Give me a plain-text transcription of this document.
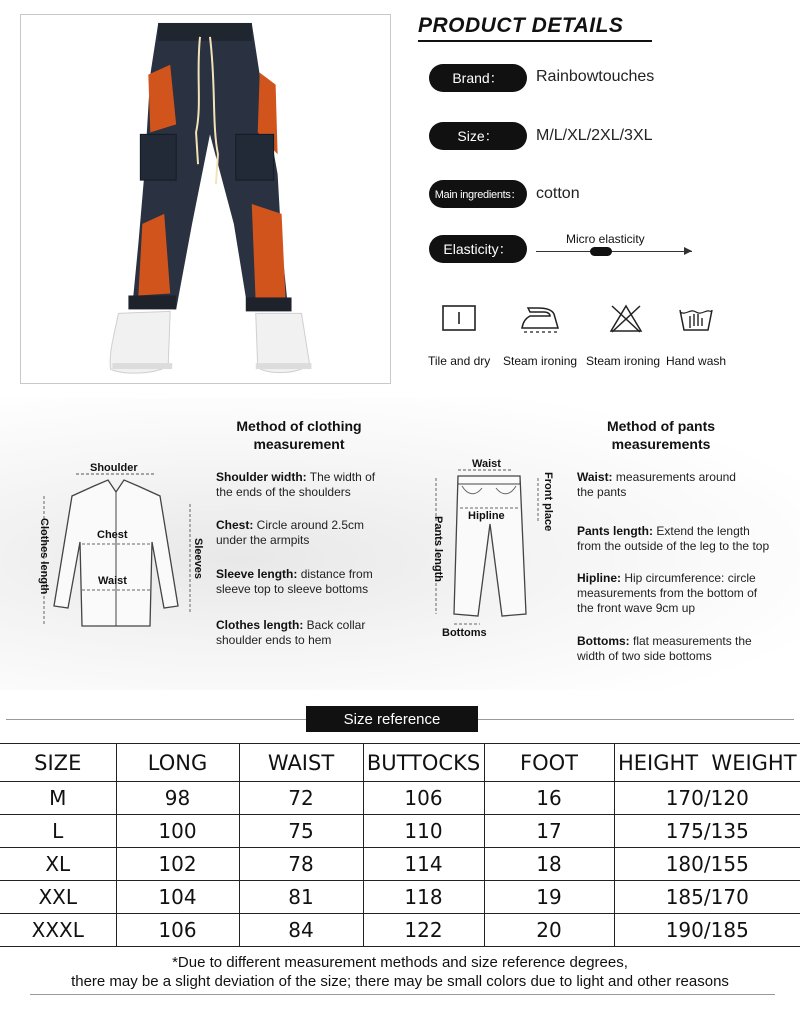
PRODUCT DETAILS
Brand：	Rainbowtouches
Size：	M/L/XL/2XL/3XL
Main ingredients： cotton
Elasticity：
Micro elasticity
Tile and dry Steam ironing Steam ironing Hand wash
Method of clothing
measurement
Shoulder
Chest
Waist
Clothes length	Sleeves
Shoulder width: The width of
the ends of the shoulders
Chest: Circle around 2.5cm
under the armpits
Sleeve length: distance from
sleeve top to sleeve bottoms
Clothes length: Back collar
shoulder ends to hem
Waist
Hipline
Pants length
Front place
Bottoms
Method of pants
measurements
Waist: measurements around
the pants
Pants length: Extend the length
from the outside of the leg to the top
Hipline: Hip circumference: circle
measurements from the bottom of
the front wave 9cm up
Bottoms: flat measurements the
width of two side bottoms
Size reference
SIZE	LONG	WAIST	BUTTOCKS	FOOT	HEIGHT  WEIGHT
M	98	72	106	16	170/120
L	100	75	110	17	175/135
XL	102	78	114	18	180/155
XXL	104	81	118	19	185/170
XXXL	106	84	122	20	190/185
*Due to different measurement methods and size reference degrees,
there may be a slight deviation of the size; there may be small colors due to light and other reasons
